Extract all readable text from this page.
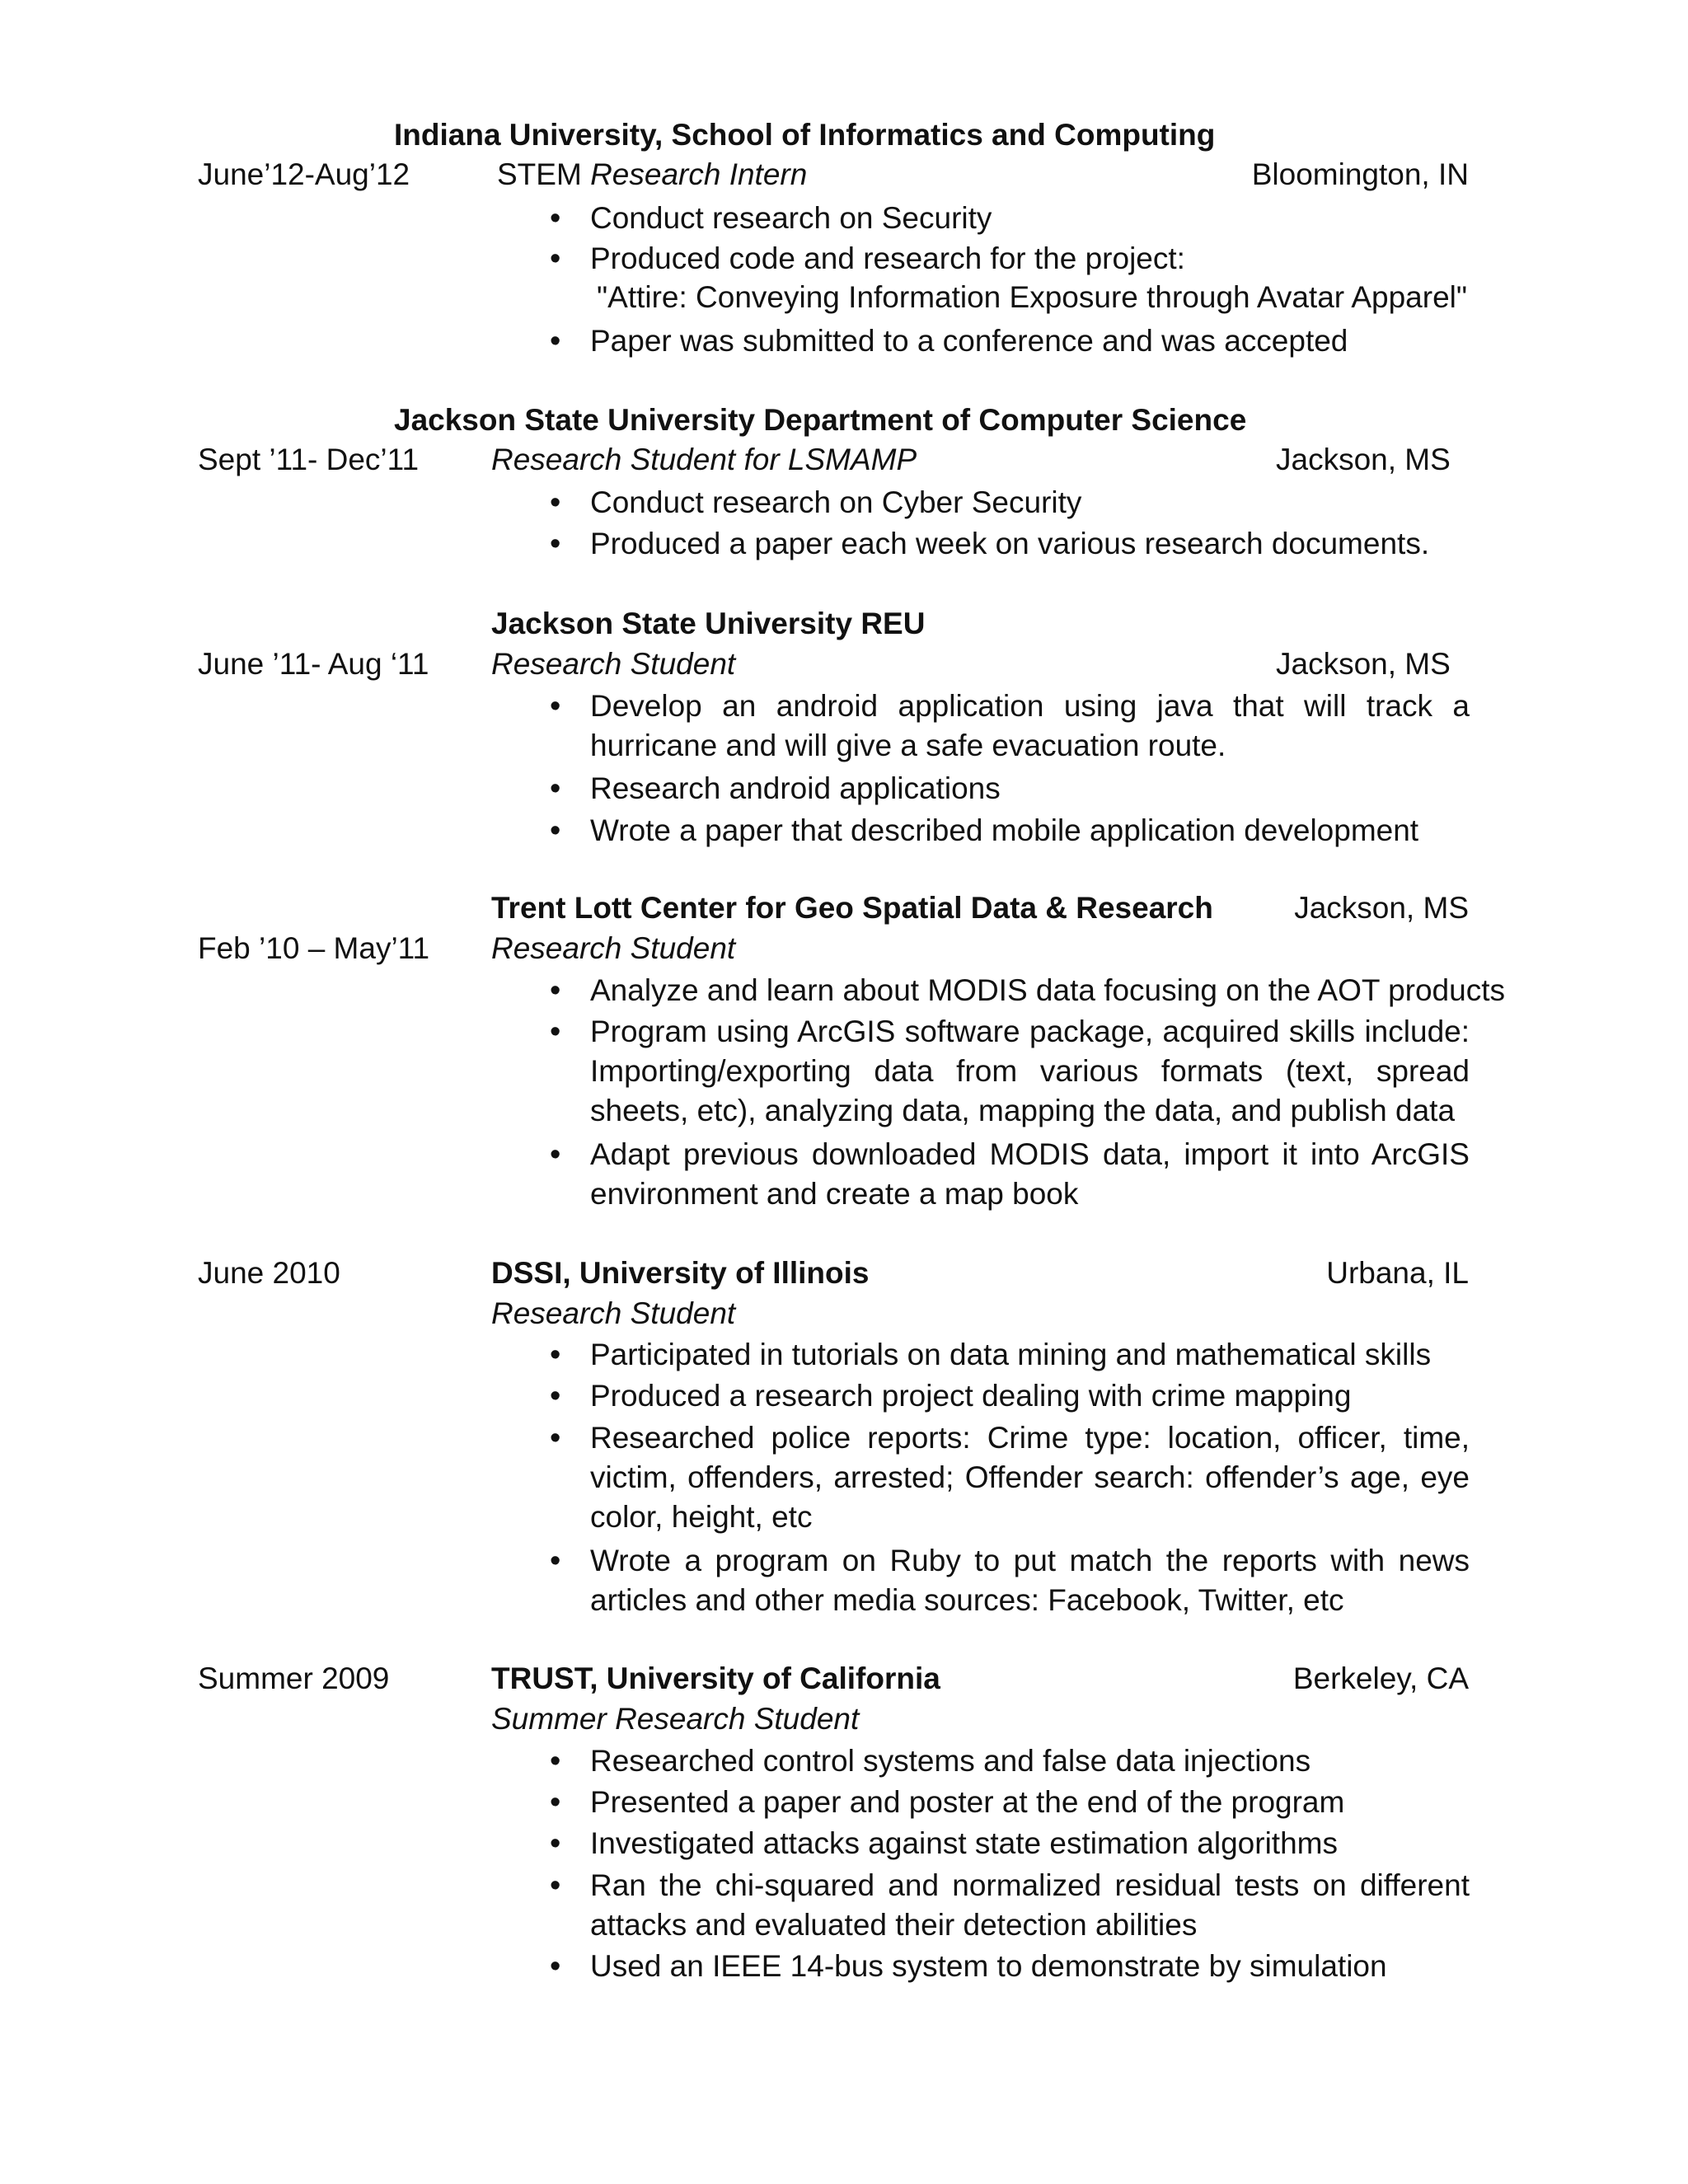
Indiana University, School of Informatics and Computing
June’12-Aug’12	STEM Research Intern	Bloomington, IN
Conduct research on Security
Produced code and research for the project:
"Attire: Conveying Information Exposure through Avatar Apparel"
Paper was submitted to a conference and was accepted
Jackson State University Department of Computer Science
Sept ’11- Dec’11 Research Student for LSMAMP	Jackson, MS
Conduct research on Cyber Security
Produced a paper each week on various research documents.
Jackson State University REU
June ’11- Aug ‘11 Research Student	Jackson, MS
Develop an android application using java that will track a hurricane and will give a safe evacuation route.
Research android applications
Wrote a paper that described mobile application development
Trent Lott Center for Geo Spatial Data & Research	Jackson, MS
Feb ’10 – May’11 Research Student
Analyze and learn about MODIS data focusing on the AOT products
Program using ArcGIS software package, acquired skills include: Importing/exporting data from various formats (text, spread sheets, etc), analyzing data, mapping the data, and publish data
Adapt previous downloaded MODIS data, import it into ArcGIS environment and create a map book
June 2010	DSSI, University of Illinois	Urbana, IL
Research Student
Participated in tutorials on data mining and mathematical skills
Produced a research project dealing with crime mapping
Researched police reports: Crime type: location, officer, time, victim, offenders, arrested; Offender search: offender’s age, eye color, height, etc
Wrote a program on Ruby to put match the reports with news articles and other media sources: Facebook, Twitter, etc
Summer 2009	TRUST, University of California	Berkeley, CA
Summer Research Student
Researched control systems and false data injections
Presented a paper and poster at the end of the program
Investigated attacks against state estimation algorithms
Ran the chi-squared and normalized residual tests on different attacks and evaluated their detection abilities
Used an IEEE 14-bus system to demonstrate by simulation
